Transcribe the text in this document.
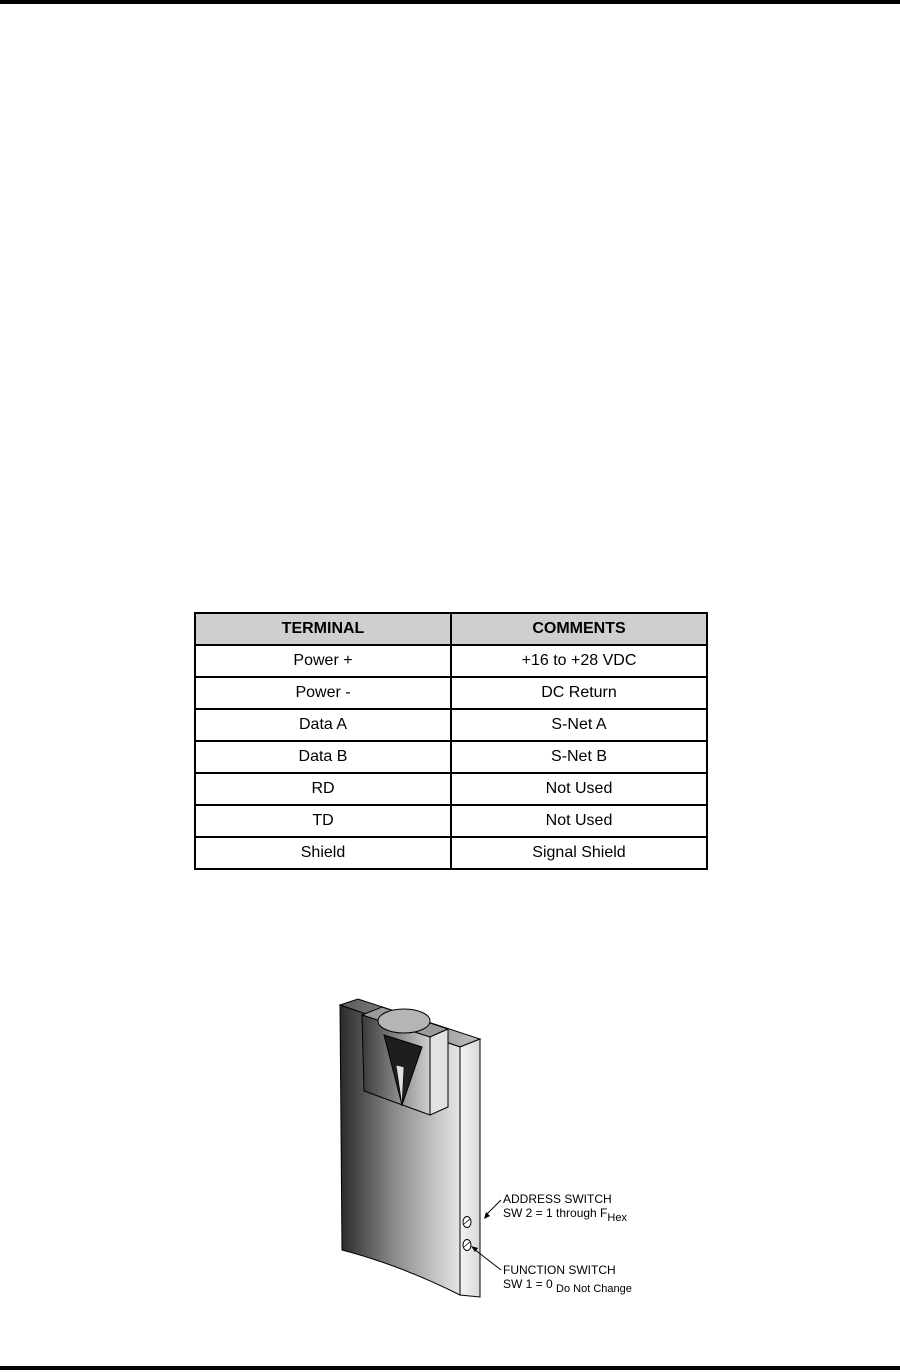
TERMINAL	COMMENTS
Power +	+16 to +28 VDC
Power -	DC Return
Data A	S-Net A
Data B	S-Net B
RD	Not Used
TD	Not Used
Shield	Signal Shield
ADDRESS SWITCH
SW 2 = 1 through $F_{Hex}$
FUNCTION SWITCH
SW 1 = 0 $_{Do Not Change}$
